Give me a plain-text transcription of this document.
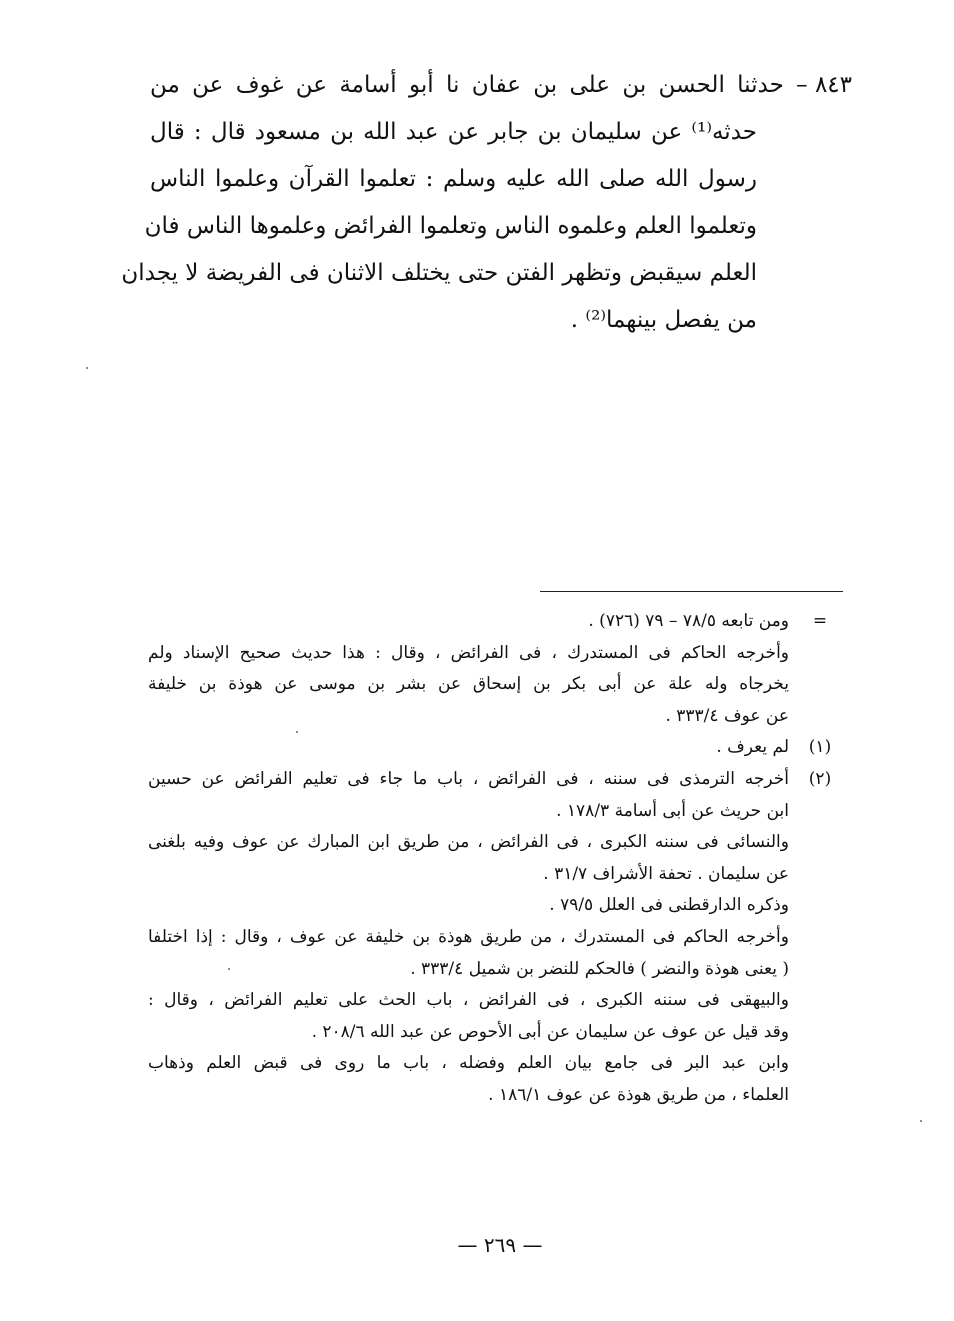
٨٤٣ – حدثنا الحسن بن على بن عفان نا أبو أسامة عن غوف عن من
حدثه⁽¹⁾ عن سليمان بن جابر عن عبد الله بن مسعود قال : قال
رسول الله صلى الله عليه وسلم : تعلموا القرآن وعلموا الناس
وتعلموا العلم وعلموه الناس وتعلموا الفرائض وعلموها الناس فان
العلم سيقبض وتظهر الفتن حتى يختلف الاثنان فى الفريضة لا يجدان
من يفصل بينهما⁽²⁾ .
=
ومن تابعه ٧٨/٥ – ٧٩ (٧٢٦) .
وأخرجه الحاكم فى المستدرك ، فى الفرائض ، وقال : هذا حديث صحيح الإسناد ولم
يخرجاه وله علة عن أبى بكر بن إسحاق عن بشر بن موسى عن هوذة بن خليفة
عن عوف ٣٣٣/٤ .
(١)
لم يعرف .
(٢)
أخرجه الترمذى فى سننه ، فى الفرائض ، باب ما جاء فى تعليم الفرائض عن حسين
ابن حريث عن أبى أسامة ١٧٨/٣ .
والنسائى فى سننه الكبرى ، فى الفرائض ، من طريق ابن المبارك عن عوف وفيه بلغنى
عن سليمان . تحفة الأشراف ٣١/٧ .
وذكره الدارقطنى فى العلل ٧٩/٥ .
وأخرجه الحاكم فى المستدرك ، من طريق هوذة بن خليفة عن عوف ، وقال : إذا اختلفا
( يعنى هوذة والنضر ) فالحكم للنضر بن شميل ٣٣٣/٤ .
والبيهقى فى سننه الكبرى ، فى الفرائض ، باب الحث على تعليم الفرائض ، وقال :
وقد قيل عن عوف عن سليمان عن أبى الأحوص عن عبد الله ٢٠٨/٦ .
وابن عبد البر فى جامع بيان العلم وفضله ، باب ما روى فى قبض العلم وذهاب
العلماء ، من طريق هوذة عن عوف ١٨٦/١ .
— ٢٦٩ —
